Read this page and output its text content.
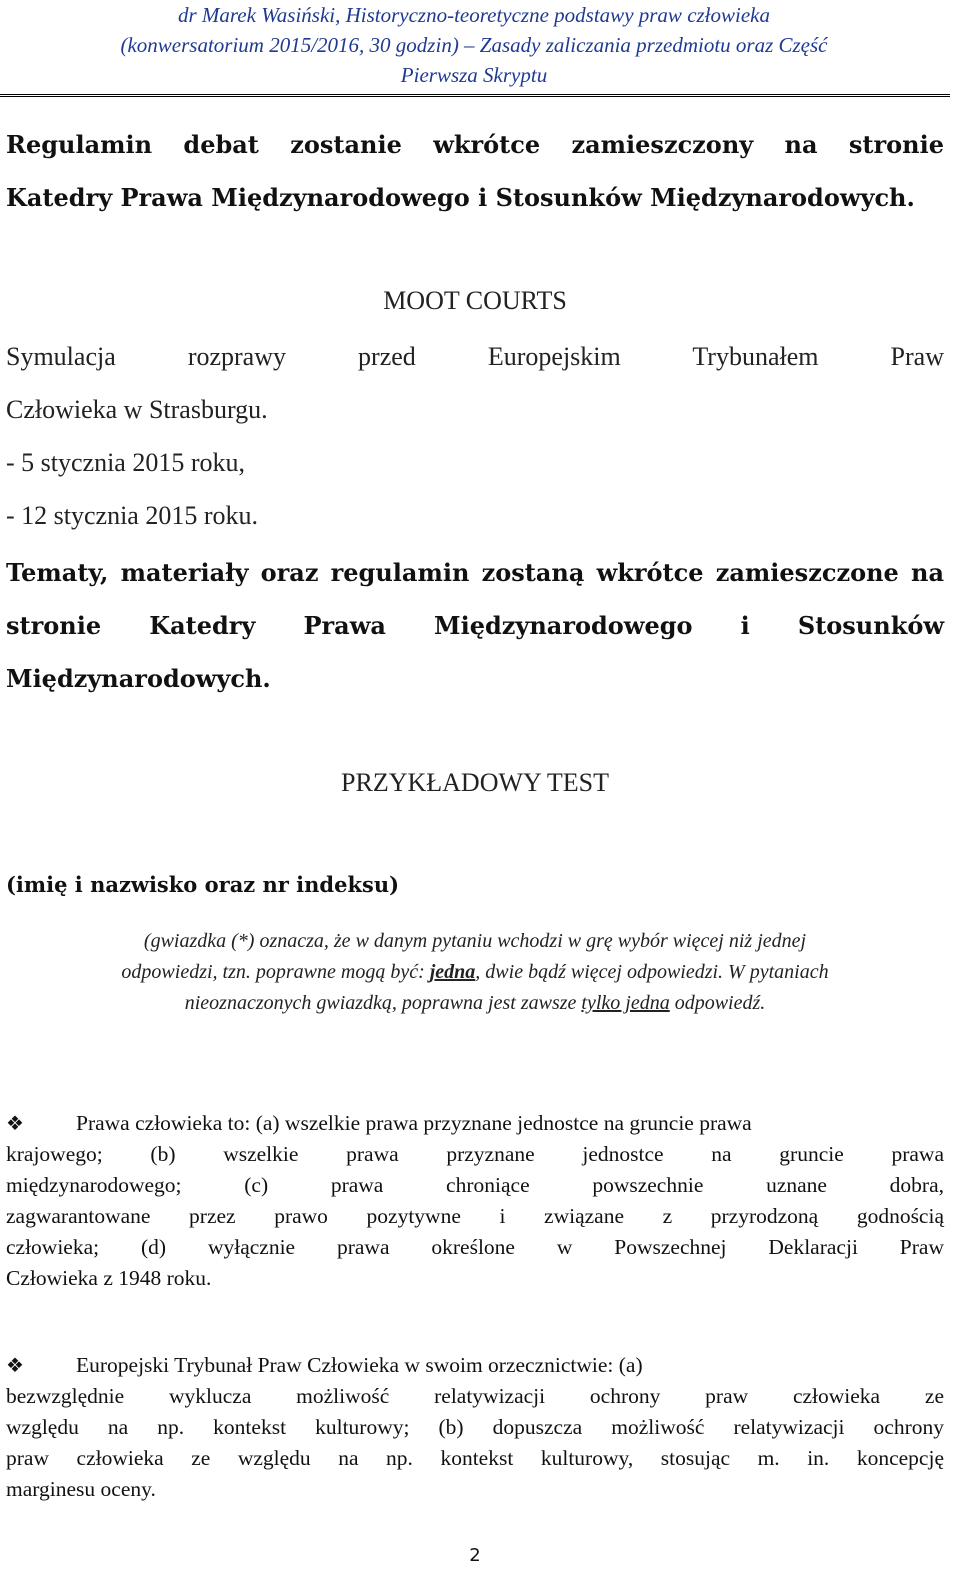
dr Marek Wasiński, Historyczno-teoretyczne podstawy praw człowieka
(konwersatorium 2015/2016, 30 godzin) – Zasady zaliczania przedmiotu oraz Część
Pierwsza Skryptu
Regulamin debat zostanie wkrótce zamieszczony na stronie
Katedry Prawa Międzynarodowego i Stosunków Międzynarodowych.
MOOT COURTS
Symulacja rozprawy przed Europejskim Trybunałem Praw
Człowieka w Strasburgu.
- 5 stycznia 2015 roku,
- 12 stycznia 2015 roku.
Tematy, materiały oraz regulamin zostaną wkrótce zamieszczone na
stronie Katedry Prawa Międzynarodowego i Stosunków
Międzynarodowych.
PRZYKŁADOWY TEST
(imię i nazwisko oraz nr indeksu)
(gwiazdka (*) oznacza, że w danym pytaniu wchodzi w grę wybór więcej niż jednej
odpowiedzi, tzn. poprawne mogą być: jedna, dwie bądź więcej odpowiedzi. W pytaniach
nieoznaczonych gwiazdką, poprawna jest zawsze tylko jedna odpowiedź.
❖ Prawa człowieka to: (a) wszelkie prawa przyznane jednostce na gruncie prawa
krajowego; (b) wszelkie prawa przyznane jednostce na gruncie prawa
międzynarodowego; (c) prawa chroniące powszechnie uznane dobra,
zagwarantowane przez prawo pozytywne i związane z przyrodzoną godnością
człowieka; (d) wyłącznie prawa określone w Powszechnej Deklaracji Praw
Człowieka z 1948 roku.
❖ Europejski Trybunał Praw Człowieka w swoim orzecznictwie: (a)
bezwzględnie wyklucza możliwość relatywizacji ochrony praw człowieka ze
względu na np. kontekst kulturowy; (b) dopuszcza możliwość relatywizacji ochrony
praw człowieka ze względu na np. kontekst kulturowy, stosując m. in. koncepcję
marginesu oceny.
2
